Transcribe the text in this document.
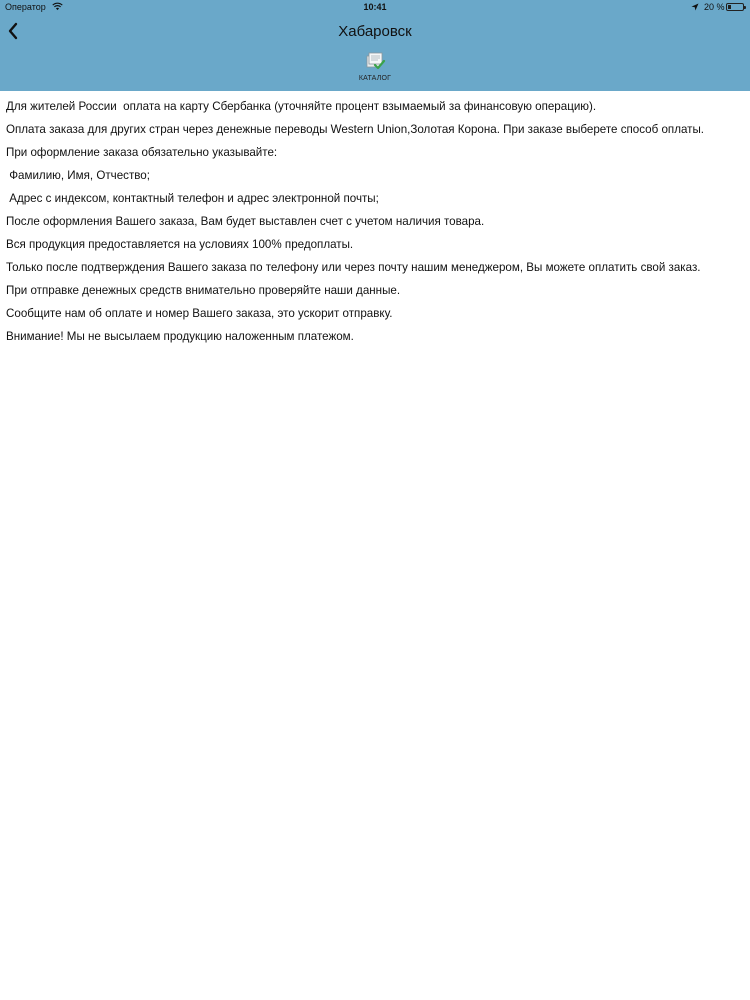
Оператор	10:41	20 %
Хабаровск
КАТАЛОГ

Для жителей России  оплата на карту Сбербанка (уточняйте процент взымаемый за финансовую операцию).

Оплата заказа для других стран через денежные переводы Western Union,Золотая Корона. При заказе выберете способ оплаты.

При оформление заказа обязательно указывайте:

Фамилию, Имя, Отчество;

Адрес с индексом, контактный телефон и адрес электронной почты;

После оформления Вашего заказа, Вам будет выставлен счет с учетом наличия товара.

Вся продукция предоставляется на условиях 100% предоплаты.

Только после подтверждения Вашего заказа по телефону или через почту нашим менеджером, Вы можете оплатить свой заказ.

При отправке денежных средств внимательно проверяйте наши данные.

Сообщите нам об оплате и номер Вашего заказа, это ускорит отправку.

Внимание! Мы не высылаем продукцию наложенным платежом.
